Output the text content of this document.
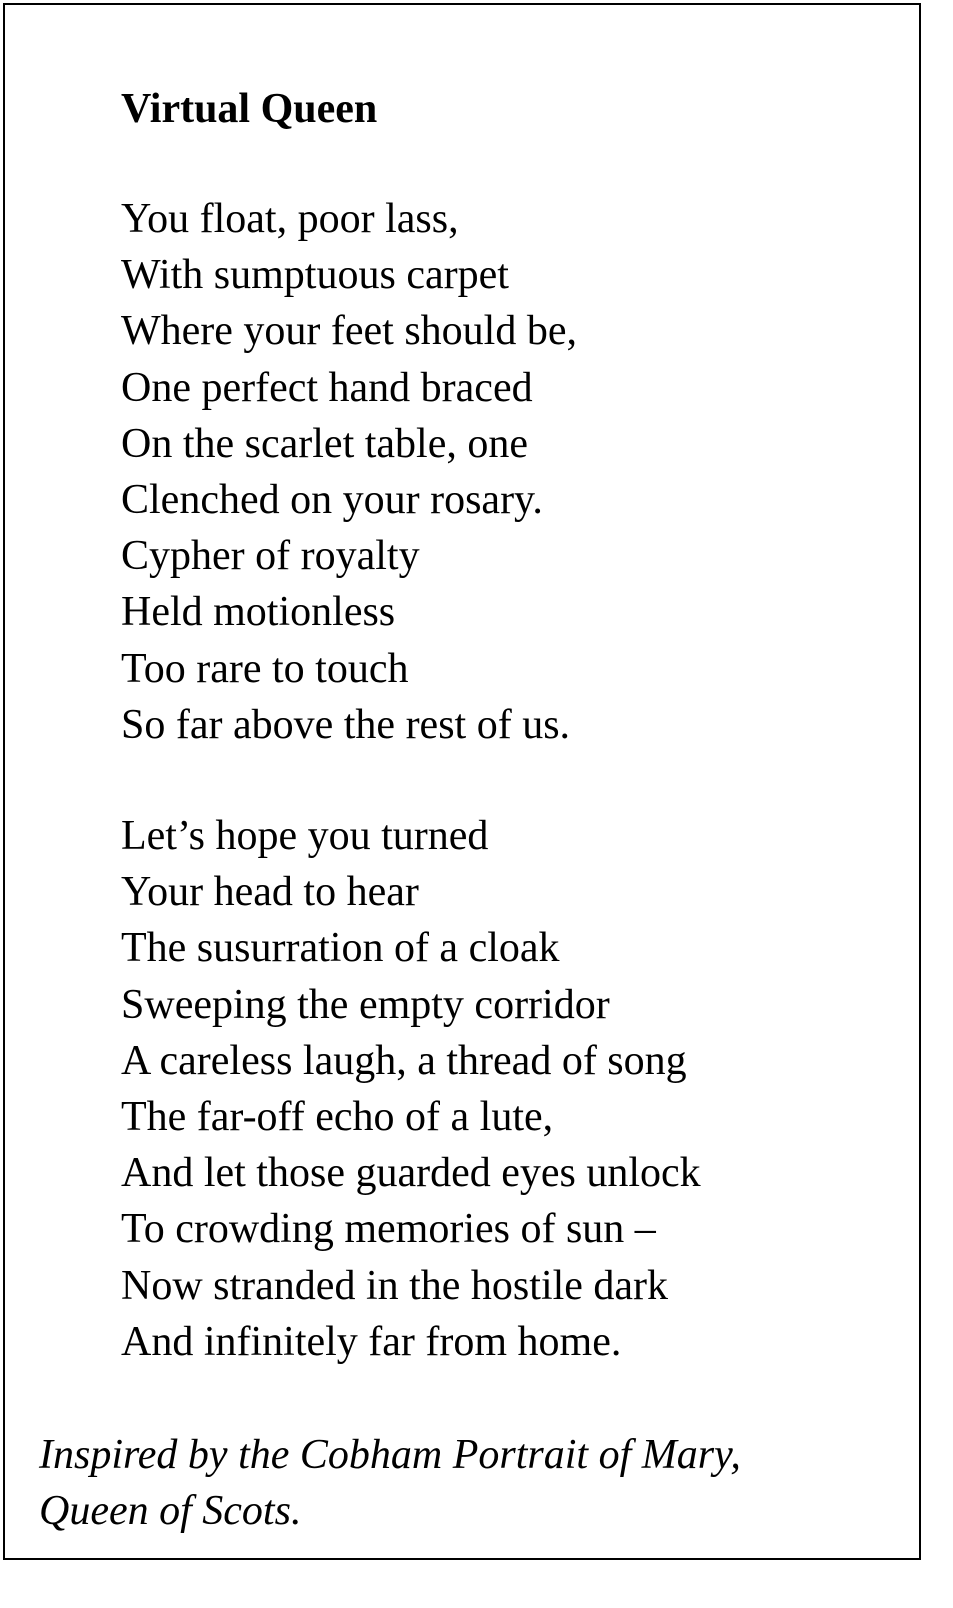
Virtual Queen
You float, poor lass,
With sumptuous carpet
Where your feet should be,
One perfect hand braced
On the scarlet table, one
Clenched on your rosary.
Cypher of royalty
Held motionless
Too rare to touch
So far above the rest of us.
Let’s hope you turned
Your head to hear
The susurration of a cloak
Sweeping the empty corridor
A careless laugh, a thread of song
The far-off echo of a lute,
And let those guarded eyes unlock
To crowding memories of sun –
Now stranded in the hostile dark
And infinitely far from home.

Inspired by the Cobham Portrait of Mary,
Queen of Scots.
